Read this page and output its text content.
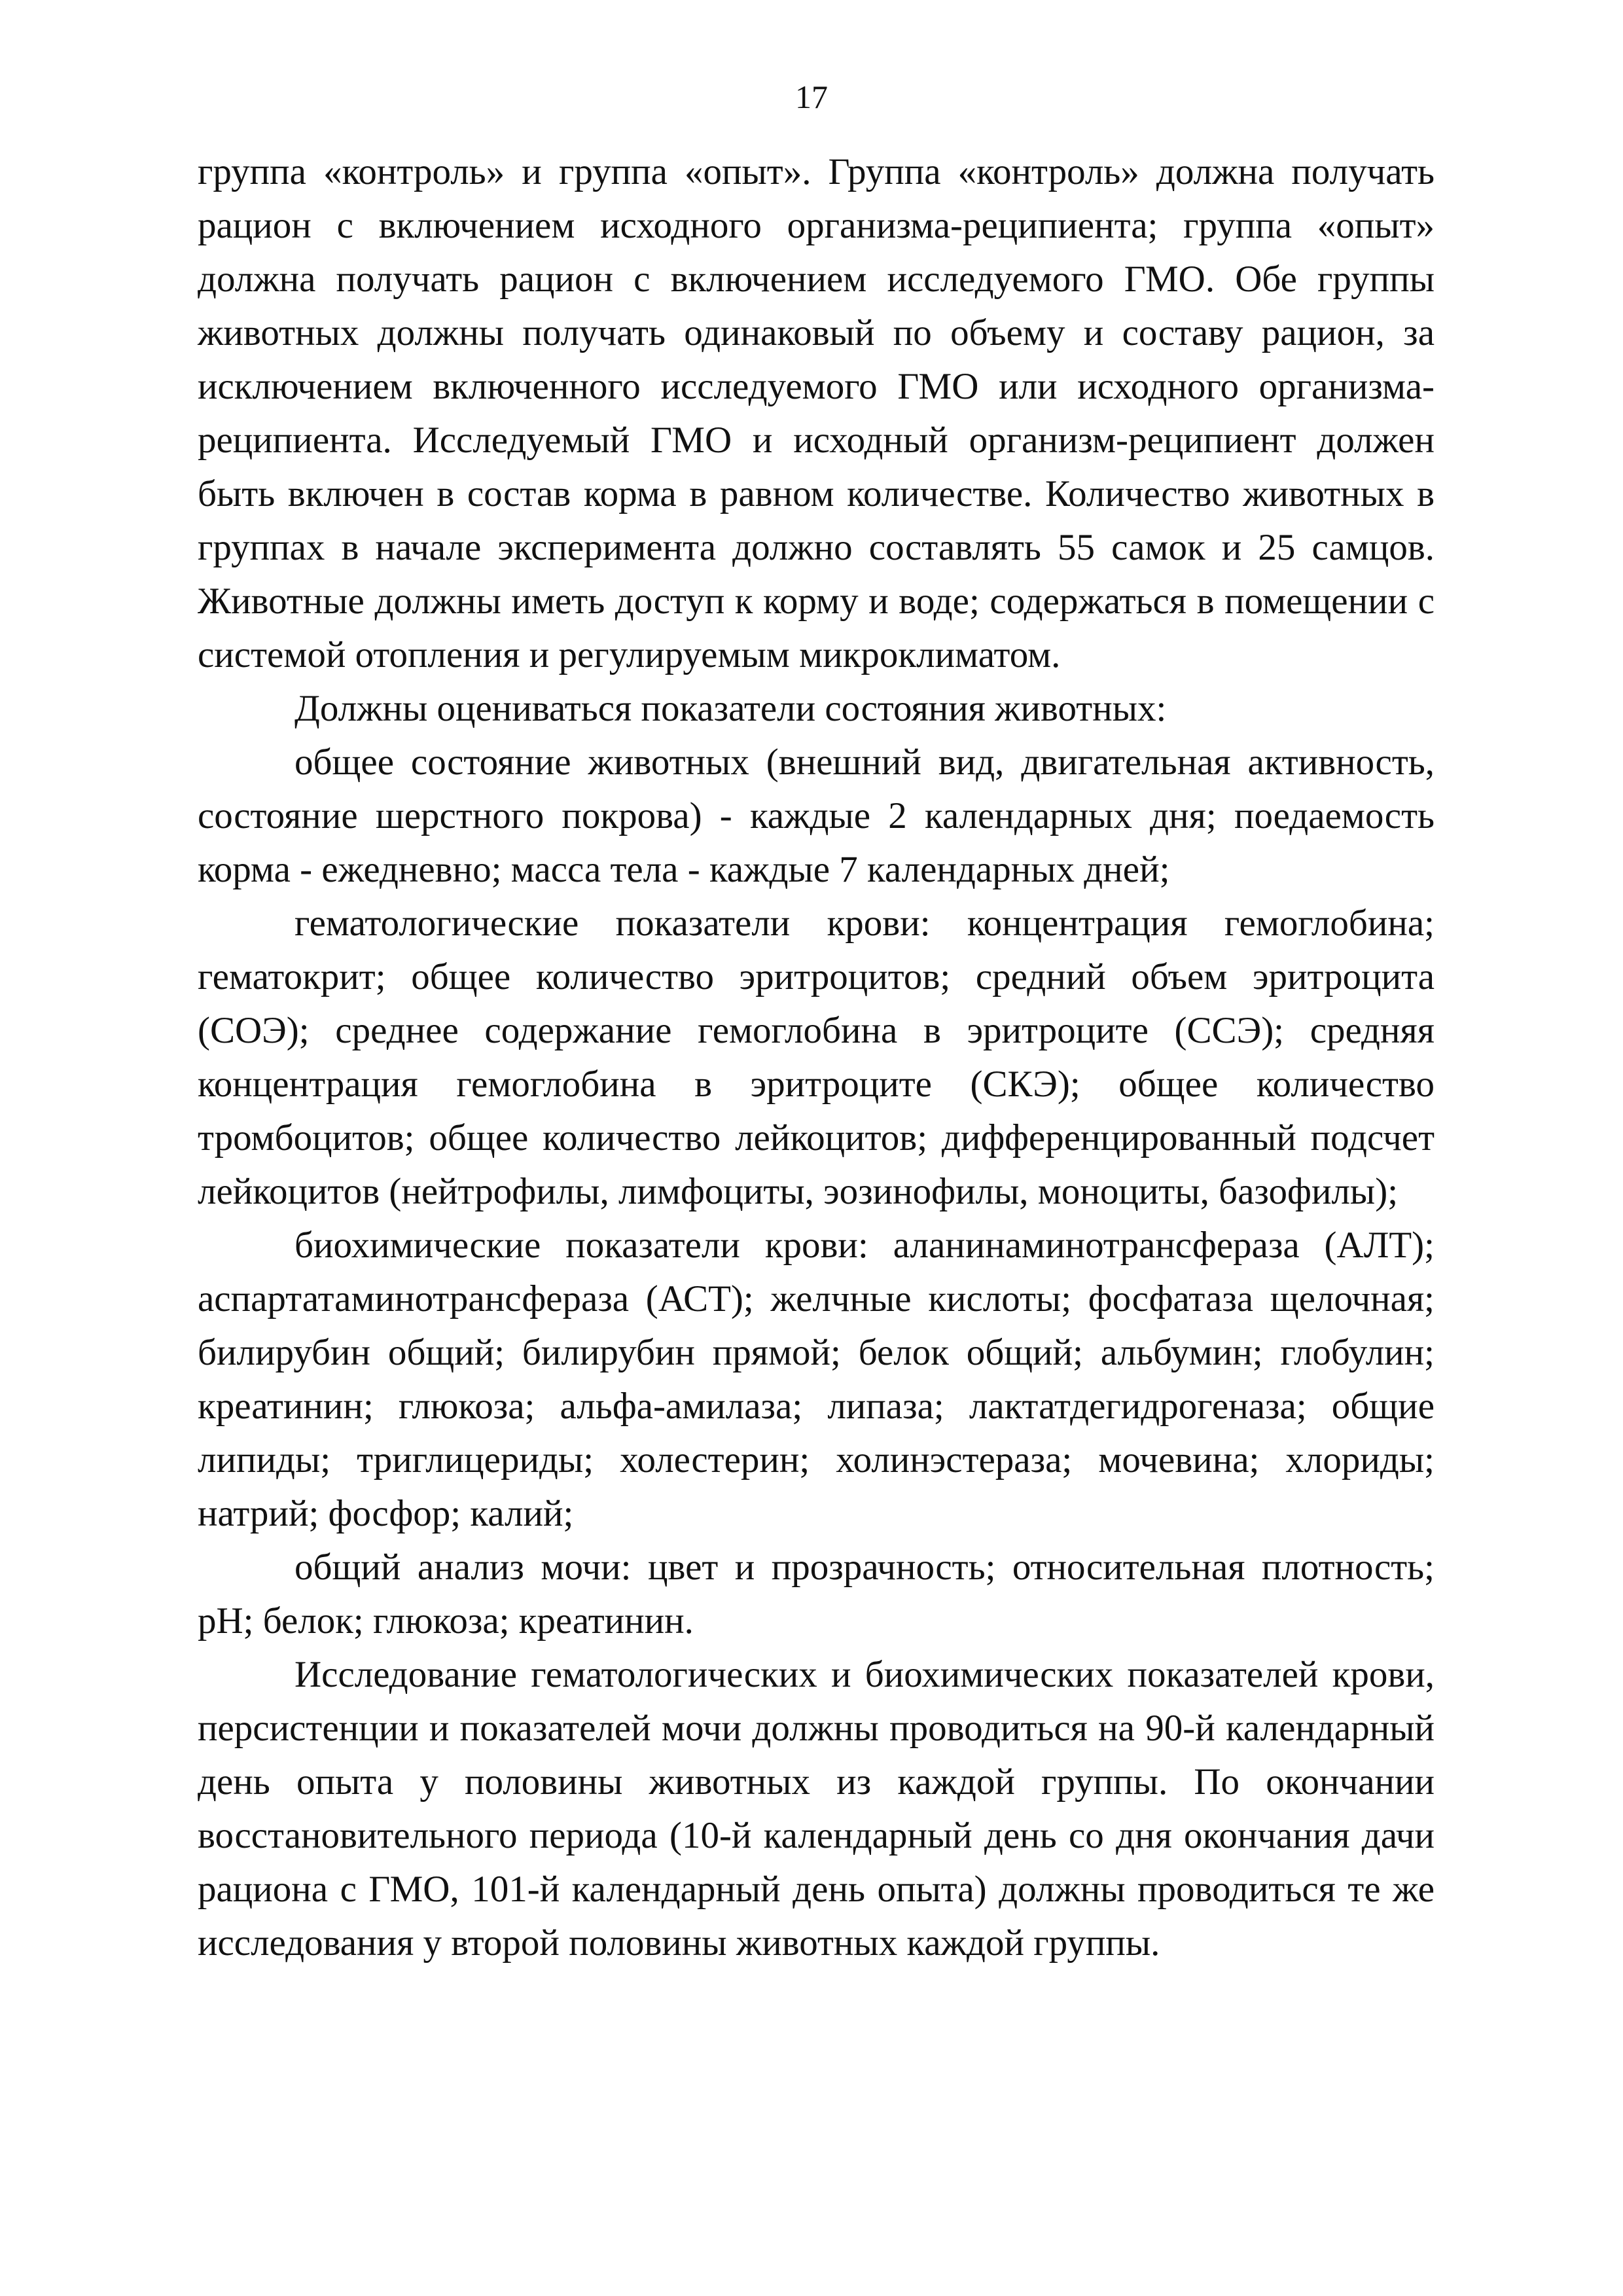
17

группа «контроль» и группа «опыт». Группа «контроль» должна получать рацион с включением исходного организма-реципиента; группа «опыт» должна получать рацион с включением исследуемого ГМО. Обе группы животных должны получать одинаковый по объему и составу рацион, за исключением включенного исследуемого ГМО или исходного организма-реципиента. Исследуемый ГМО и исходный организм-реципиент должен быть включен в состав корма в равном количестве. Количество животных в группах в начале эксперимента должно составлять 55 самок и 25 самцов. Животные должны иметь доступ к корму и воде; содержаться в помещении с системой отопления и регулируемым микроклиматом.

Должны оцениваться показатели состояния животных:

общее состояние животных (внешний вид, двигательная активность, состояние шерстного покрова) - каждые 2 календарных дня; поедаемость корма - ежедневно; масса тела - каждые 7 календарных дней;

гематологические показатели крови: концентрация гемоглобина; гематокрит; общее количество эритроцитов; средний объем эритроцита (СОЭ); среднее содержание гемоглобина в эритроците (ССЭ); средняя концентрация гемоглобина в эритроците (СКЭ); общее количество тромбоцитов; общее количество лейкоцитов; дифференцированный подсчет лейкоцитов (нейтрофилы, лимфоциты, эозинофилы, моноциты, базофилы);

биохимические показатели крови: аланинаминотрансфераза (АЛТ); аспартатаминотрансфераза (АСТ); желчные кислоты; фосфатаза щелочная; билирубин общий; билирубин прямой; белок общий; альбумин; глобулин; креатинин; глюкоза; альфа-амилаза; липаза; лактатдегидрогеназа; общие липиды; триглицериды; холестерин; холинэстераза; мочевина; хлориды; натрий; фосфор; калий;

общий анализ мочи: цвет и прозрачность; относительная плотность; pH; белок; глюкоза; креатинин.

Исследование гематологических и биохимических показателей крови, персистенции и показателей мочи должны проводиться на 90-й календарный день опыта у половины животных из каждой группы. По окончании восстановительного периода (10-й календарный день со дня окончания дачи рациона с ГМО, 101-й календарный день опыта) должны проводиться те же исследования у второй половины животных каждой группы.
